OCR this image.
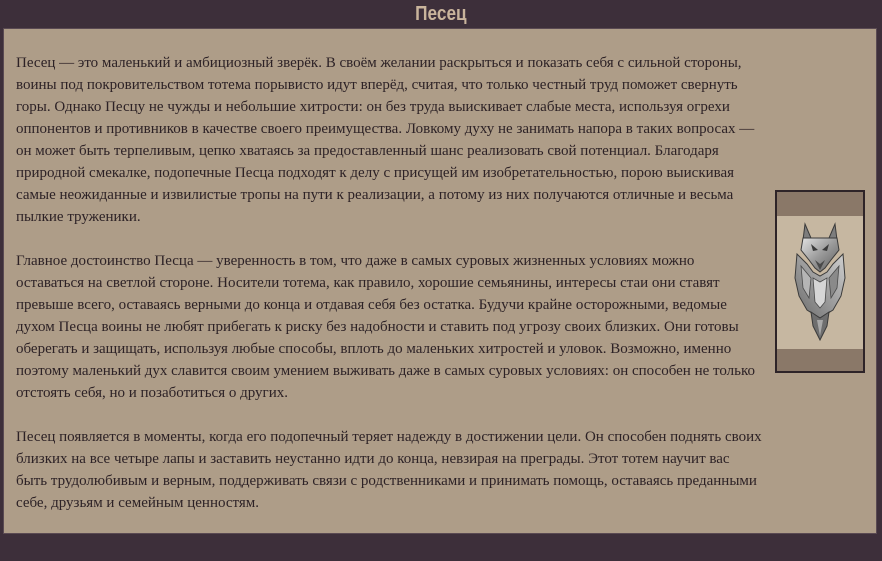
Песец

Песец — это маленький и амбициозный зверёк. В своём желании раскрыться и показать себя с сильной стороны, воины под покровительством тотема порывисто идут вперёд, считая, что только честный труд поможет свернуть горы. Однако Песцу не чужды и небольшие хитрости: он без труда выискивает слабые места, используя огрехи оппонентов и противников в качестве своего преимущества. Ловкому духу не занимать напора в таких вопросах — он может быть терпеливым, цепко хватаясь за предоставленный шанс реализовать свой потенциал. Благодаря природной смекалке, подопечные Песца подходят к делу с присущей им изобретательностью, порою выискивая самые неожиданные и извилистые тропы на пути к реализации, а потому из них получаются отличные и весьма пылкие труженики.

Главное достоинство Песца — уверенность в том, что даже в самых суровых жизненных условиях можно оставаться на светлой стороне. Носители тотема, как правило, хорошие семьянины, интересы стаи они ставят превыше всего, оставаясь верными до конца и отдавая себя без остатка. Будучи крайне осторожными, ведомые духом Песца воины не любят прибегать к риску без надобности и ставить под угрозу своих близких. Они готовы оберегать и защищать, используя любые способы, вплоть до маленьких хитростей и уловок. Возможно, именно поэтому маленький дух славится своим умением выживать даже в самых суровых условиях: он способен не только отстоять себя, но и позаботиться о других.

Песец появляется в моменты, когда его подопечный теряет надежду в достижении цели. Он способен поднять своих близких на все четыре лапы и заставить неустанно идти до конца, невзирая на преграды. Этот тотем научит вас быть трудолюбивым и верным, поддерживать связи с родственниками и принимать помощь, оставаясь преданными себе, друзьям и семейным ценностям.
